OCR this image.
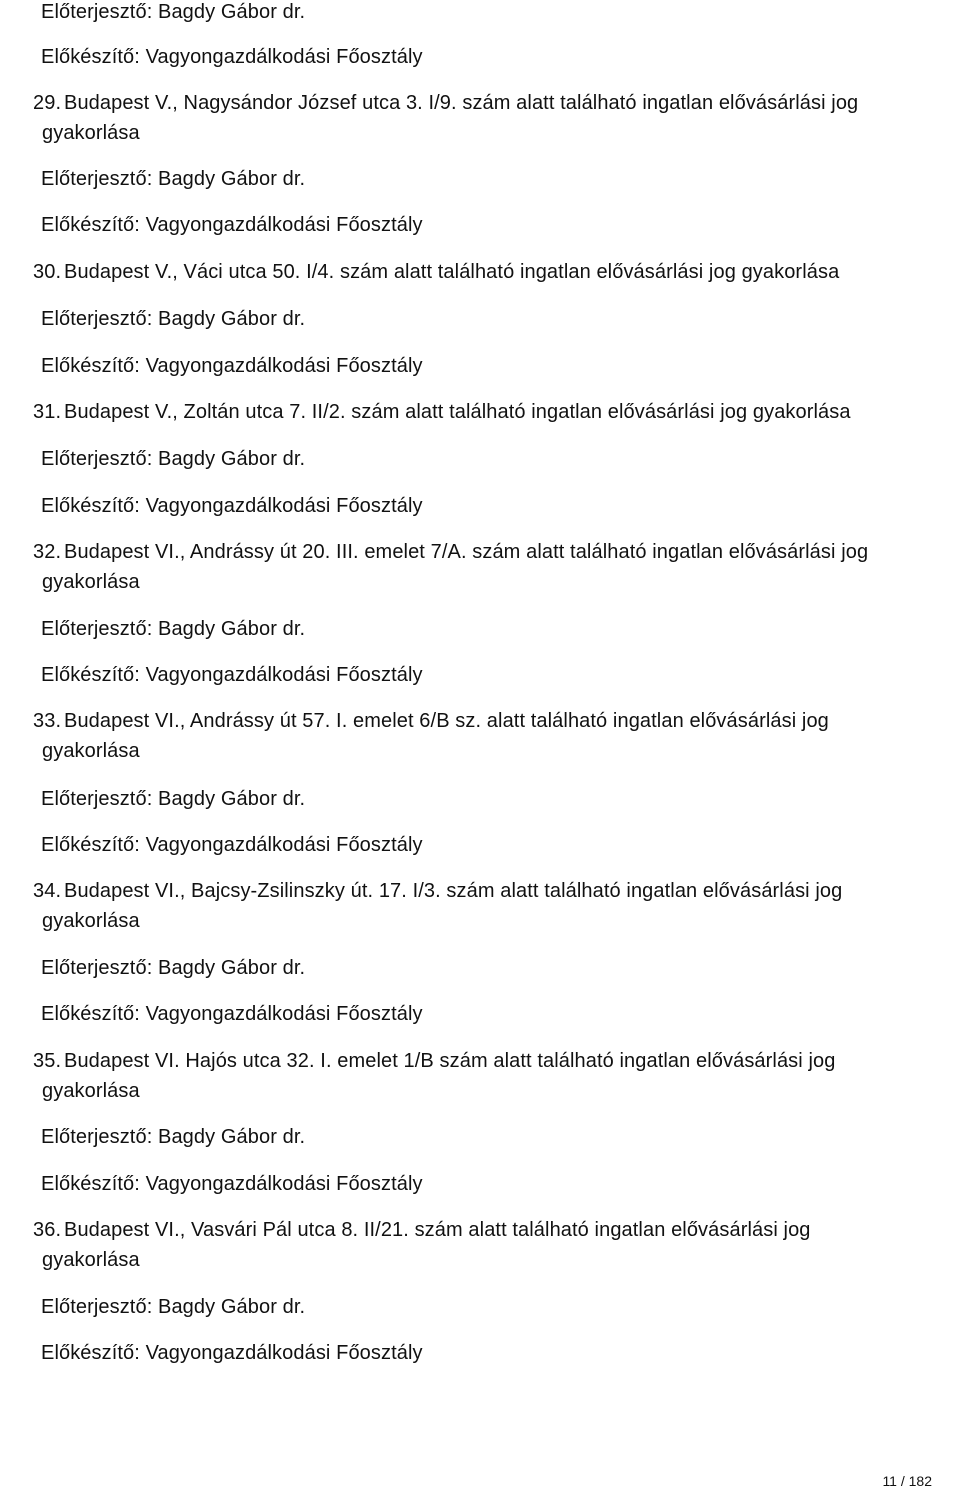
Előterjesztő: Bagdy Gábor dr.
Előkészítő: Vagyongazdálkodási Főosztály
29. Budapest V., Nagysándor József utca 3. I/9. szám alatt található ingatlan elővásárlási jog
gyakorlása
Előterjesztő: Bagdy Gábor dr.
Előkészítő: Vagyongazdálkodási Főosztály
30. Budapest V., Váci utca 50. I/4. szám alatt található ingatlan elővásárlási jog gyakorlása
Előterjesztő: Bagdy Gábor dr.
Előkészítő: Vagyongazdálkodási Főosztály
31. Budapest V., Zoltán utca 7. II/2. szám alatt található ingatlan elővásárlási jog gyakorlása
Előterjesztő: Bagdy Gábor dr.
Előkészítő: Vagyongazdálkodási Főosztály
32. Budapest VI., Andrássy út 20. III. emelet 7/A. szám alatt található ingatlan elővásárlási jog
gyakorlása
Előterjesztő: Bagdy Gábor dr.
Előkészítő: Vagyongazdálkodási Főosztály
33. Budapest VI., Andrássy út 57. I. emelet 6/B sz. alatt található ingatlan elővásárlási jog
gyakorlása
Előterjesztő: Bagdy Gábor dr.
Előkészítő: Vagyongazdálkodási Főosztály
34. Budapest VI., Bajcsy-Zsilinszky út. 17. I/3. szám alatt található ingatlan elővásárlási jog
gyakorlása
Előterjesztő: Bagdy Gábor dr.
Előkészítő: Vagyongazdálkodási Főosztály
35. Budapest VI. Hajós utca 32. I. emelet 1/B szám alatt található ingatlan elővásárlási jog
gyakorlása
Előterjesztő: Bagdy Gábor dr.
Előkészítő: Vagyongazdálkodási Főosztály
36. Budapest VI., Vasvári Pál utca 8. II/21. szám alatt található ingatlan elővásárlási jog
gyakorlása
Előterjesztő: Bagdy Gábor dr.
Előkészítő: Vagyongazdálkodási Főosztály
11 / 182
